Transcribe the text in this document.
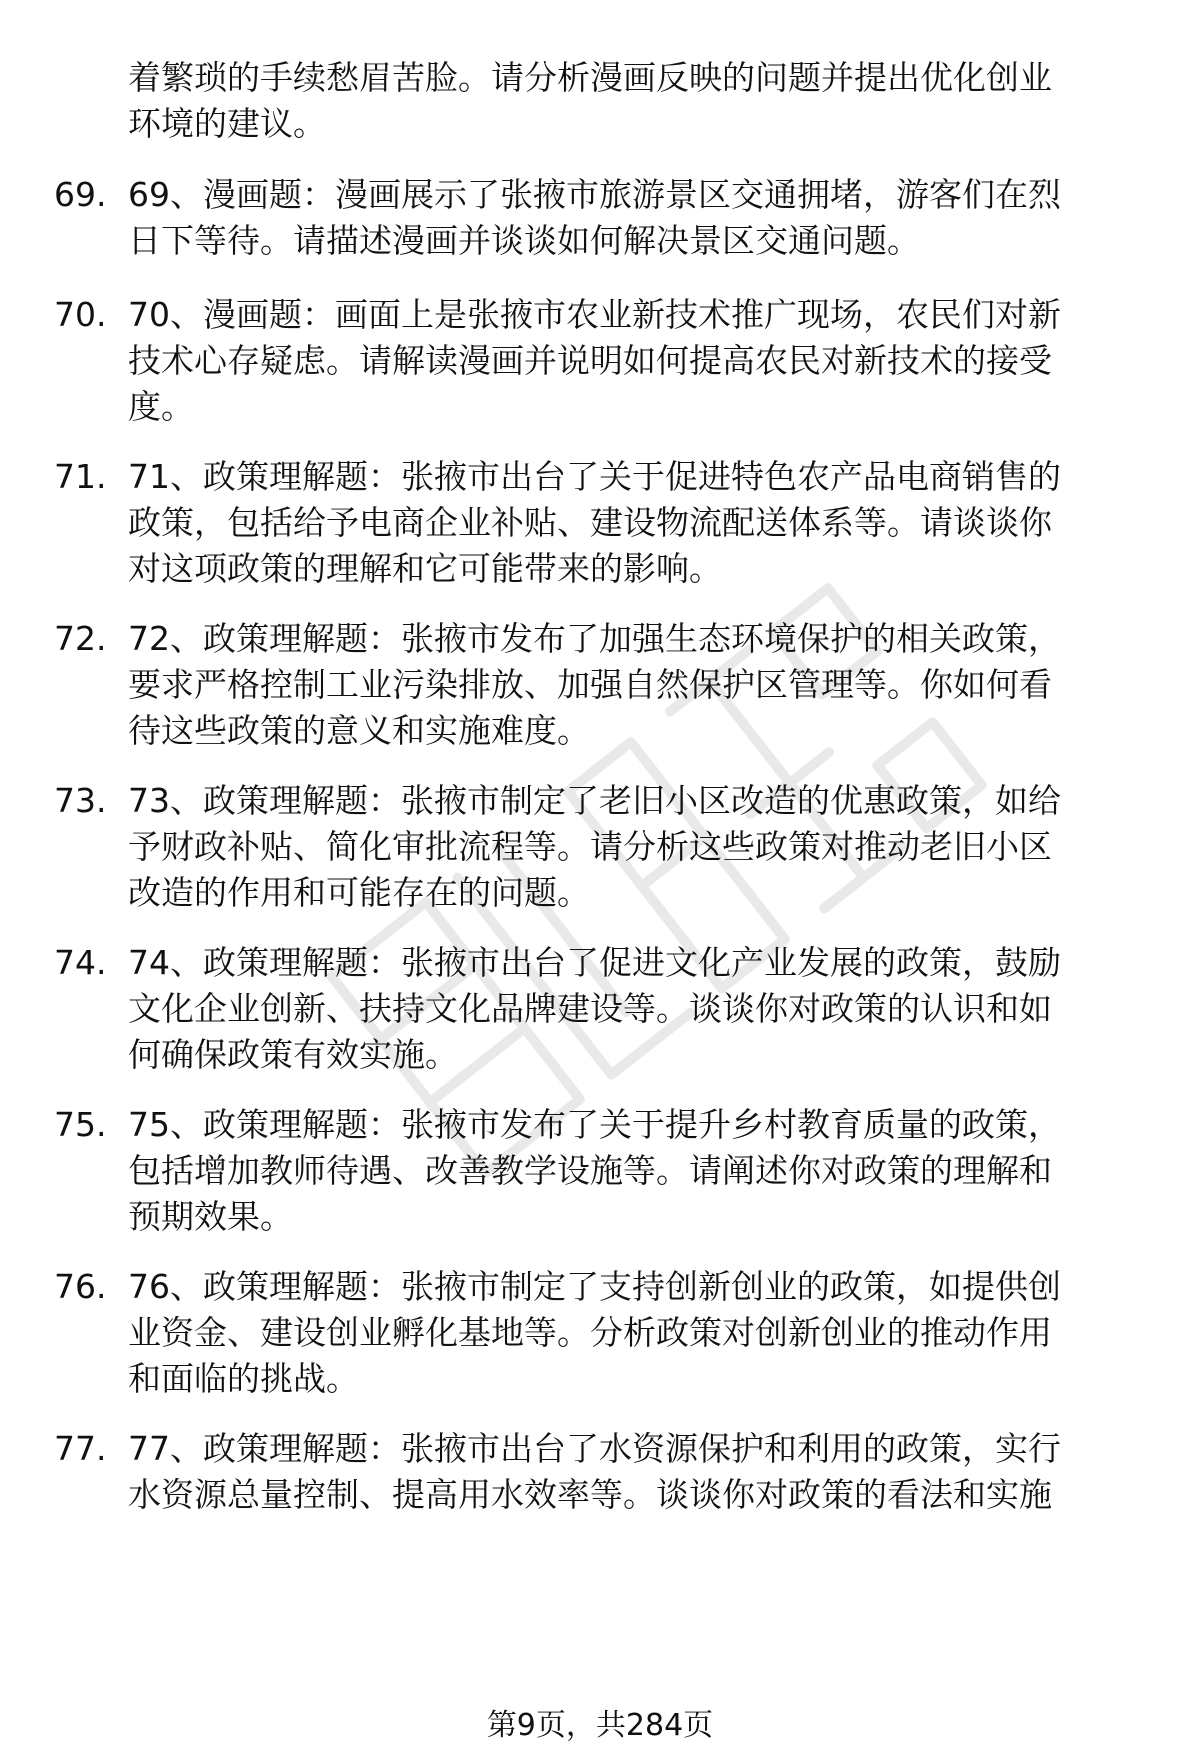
着繁琐的手续愁眉苦脸。请分析漫画反映的问题并提出优化创业
环境的建议。
69. 69、漫画题：漫画展示了张掖市旅游景区交通拥堵，游客们在烈
日下等待。请描述漫画并谈谈如何解决景区交通问题。
70. 70、漫画题：画面上是张掖市农业新技术推广现场，农民们对新
技术心存疑虑。请解读漫画并说明如何提高农民对新技术的接受
度。
71. 71、政策理解题：张掖市出台了关于促进特色农产品电商销售的
政策，包括给予电商企业补贴、建设物流配送体系等。请谈谈你
对这项政策的理解和它可能带来的影响。
72. 72、政策理解题：张掖市发布了加强生态环境保护的相关政策，
要求严格控制工业污染排放、加强自然保护区管理等。你如何看
待这些政策的意义和实施难度。
73. 73、政策理解题：张掖市制定了老旧小区改造的优惠政策，如给
予财政补贴、简化审批流程等。请分析这些政策对推动老旧小区
改造的作用和可能存在的问题。
74. 74、政策理解题：张掖市出台了促进文化产业发展的政策，鼓励
文化企业创新、扶持文化品牌建设等。谈谈你对政策的认识和如
何确保政策有效实施。
75. 75、政策理解题：张掖市发布了关于提升乡村教育质量的政策，
包括增加教师待遇、改善教学设施等。请阐述你对政策的理解和
预期效果。
76. 76、政策理解题：张掖市制定了支持创新创业的政策，如提供创
业资金、建设创业孵化基地等。分析政策对创新创业的推动作用
和面临的挑战。
77. 77、政策理解题：张掖市出台了水资源保护和利用的政策，实行
水资源总量控制、提高用水效率等。谈谈你对政策的看法和实施
第9页，共284页
